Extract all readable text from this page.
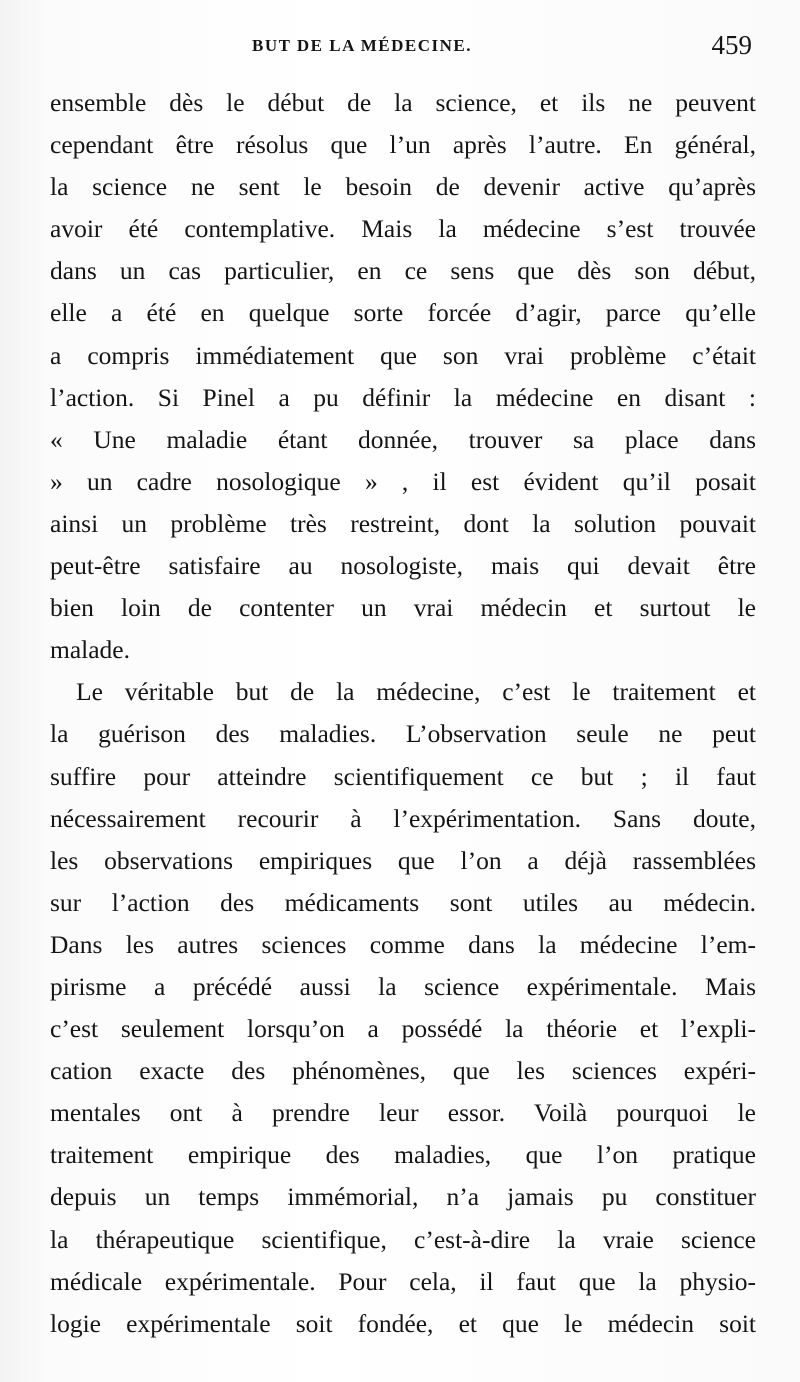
BUT DE LA MÉDECINE.	459
ensemble dès le début de la science, et ils ne peuvent
cependant être résolus que l’un après l’autre. En général,
la science ne sent le besoin de devenir active qu’après
avoir été contemplative. Mais la médecine s’est trouvée
dans un cas particulier, en ce sens que dès son début,
elle a été en quelque sorte forcée d’agir, parce qu’elle
a compris immédiatement que son vrai problème c’était
l’action. Si Pinel a pu définir la médecine en disant :
« Une maladie étant donnée, trouver sa place dans
» un cadre nosologique » , il est évident qu’il posait
ainsi un problème très restreint, dont la solution pouvait
peut-être satisfaire au nosologiste, mais qui devait être
bien loin de contenter un vrai médecin et surtout le
malade.
Le véritable but de la médecine, c’est le traitement et
la guérison des maladies. L’observation seule ne peut
suffire pour atteindre scientifiquement ce but ; il faut
nécessairement recourir à l’expérimentation. Sans doute,
les observations empiriques que l’on a déjà rassemblées
sur l’action des médicaments sont utiles au médecin.
Dans les autres sciences comme dans la médecine l’em-
pirisme a précédé aussi la science expérimentale. Mais
c’est seulement lorsqu’on a possédé la théorie et l’expli-
cation exacte des phénomènes, que les sciences expéri-
mentales ont à prendre leur essor. Voilà pourquoi le
traitement empirique des maladies, que l’on pratique
depuis un temps immémorial, n’a jamais pu constituer
la thérapeutique scientifique, c’est-à-dire la vraie science
médicale expérimentale. Pour cela, il faut que la physio-
logie expérimentale soit fondée, et que le médecin soit
